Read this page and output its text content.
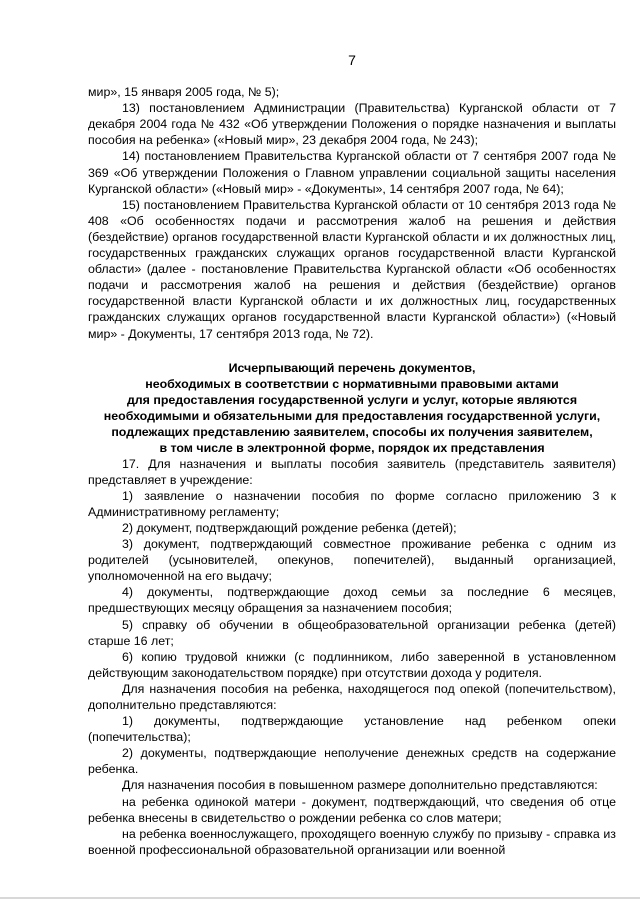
7

мир», 15 января 2005 года, № 5);

13) постановлением Администрации (Правительства) Курганской области от 7 декабря 2004 года № 432 «Об утверждении Положения о порядке назначения и выплаты пособия на ребенка» («Новый мир», 23 декабря 2004 года, № 243);

14) постановлением Правительства Курганской области от 7 сентября 2007 года № 369 «Об утверждении Положения о Главном управлении социальной защиты населения Курганской области» («Новый мир» - «Документы», 14 сентября 2007 года, № 64);

15) постановлением Правительства Курганской области от 10 сентября 2013 года № 408 «Об особенностях подачи и рассмотрения жалоб на решения и действия (бездействие) органов государственной власти Курганской области и их должностных лиц, государственных гражданских служащих органов государственной власти Курганской области» (далее - постановление Правительства Курганской области «Об особенностях подачи и рассмотрения жалоб на решения и действия (бездействие) органов государственной власти Курганской области и их должностных лиц, государственных гражданских служащих органов государственной власти Курганской области») («Новый мир» - Документы, 17 сентября 2013 года, № 72).

Исчерпывающий перечень документов,
необходимых в соответствии с нормативными правовыми актами
для предоставления государственной услуги и услуг, которые являются
необходимыми и обязательными для предоставления государственной услуги,
подлежащих представлению заявителем, способы их получения заявителем,
в том числе в электронной форме, порядок их представления

17. Для назначения и выплаты пособия заявитель (представитель заявителя) представляет в учреждение:

1) заявление о назначении пособия по форме согласно приложению 3 к Административному регламенту;

2) документ, подтверждающий рождение ребенка (детей);

3) документ, подтверждающий совместное проживание ребенка с одним из родителей (усыновителей, опекунов, попечителей), выданный организацией, уполномоченной на его выдачу;

4) документы, подтверждающие доход семьи за последние 6 месяцев, предшествующих месяцу обращения за назначением пособия;

5) справку об обучении в общеобразовательной организации ребенка (детей) старше 16 лет;

6) копию трудовой книжки (с подлинником, либо заверенной в установленном действующим законодательством порядке) при отсутствии дохода у родителя.

Для назначения пособия на ребенка, находящегося под опекой (попечительством), дополнительно представляются:

1) документы, подтверждающие установление над ребенком опеки (попечительства);

2) документы, подтверждающие неполучение денежных средств на содержание ребенка.

Для назначения пособия в повышенном размере дополнительно представляются:

на ребенка одинокой матери - документ, подтверждающий, что сведения об отце ребенка внесены в свидетельство о рождении ребенка со слов матери;

на ребенка военнослужащего, проходящего военную службу по призыву - справка из военной профессиональной образовательной организации или военной
